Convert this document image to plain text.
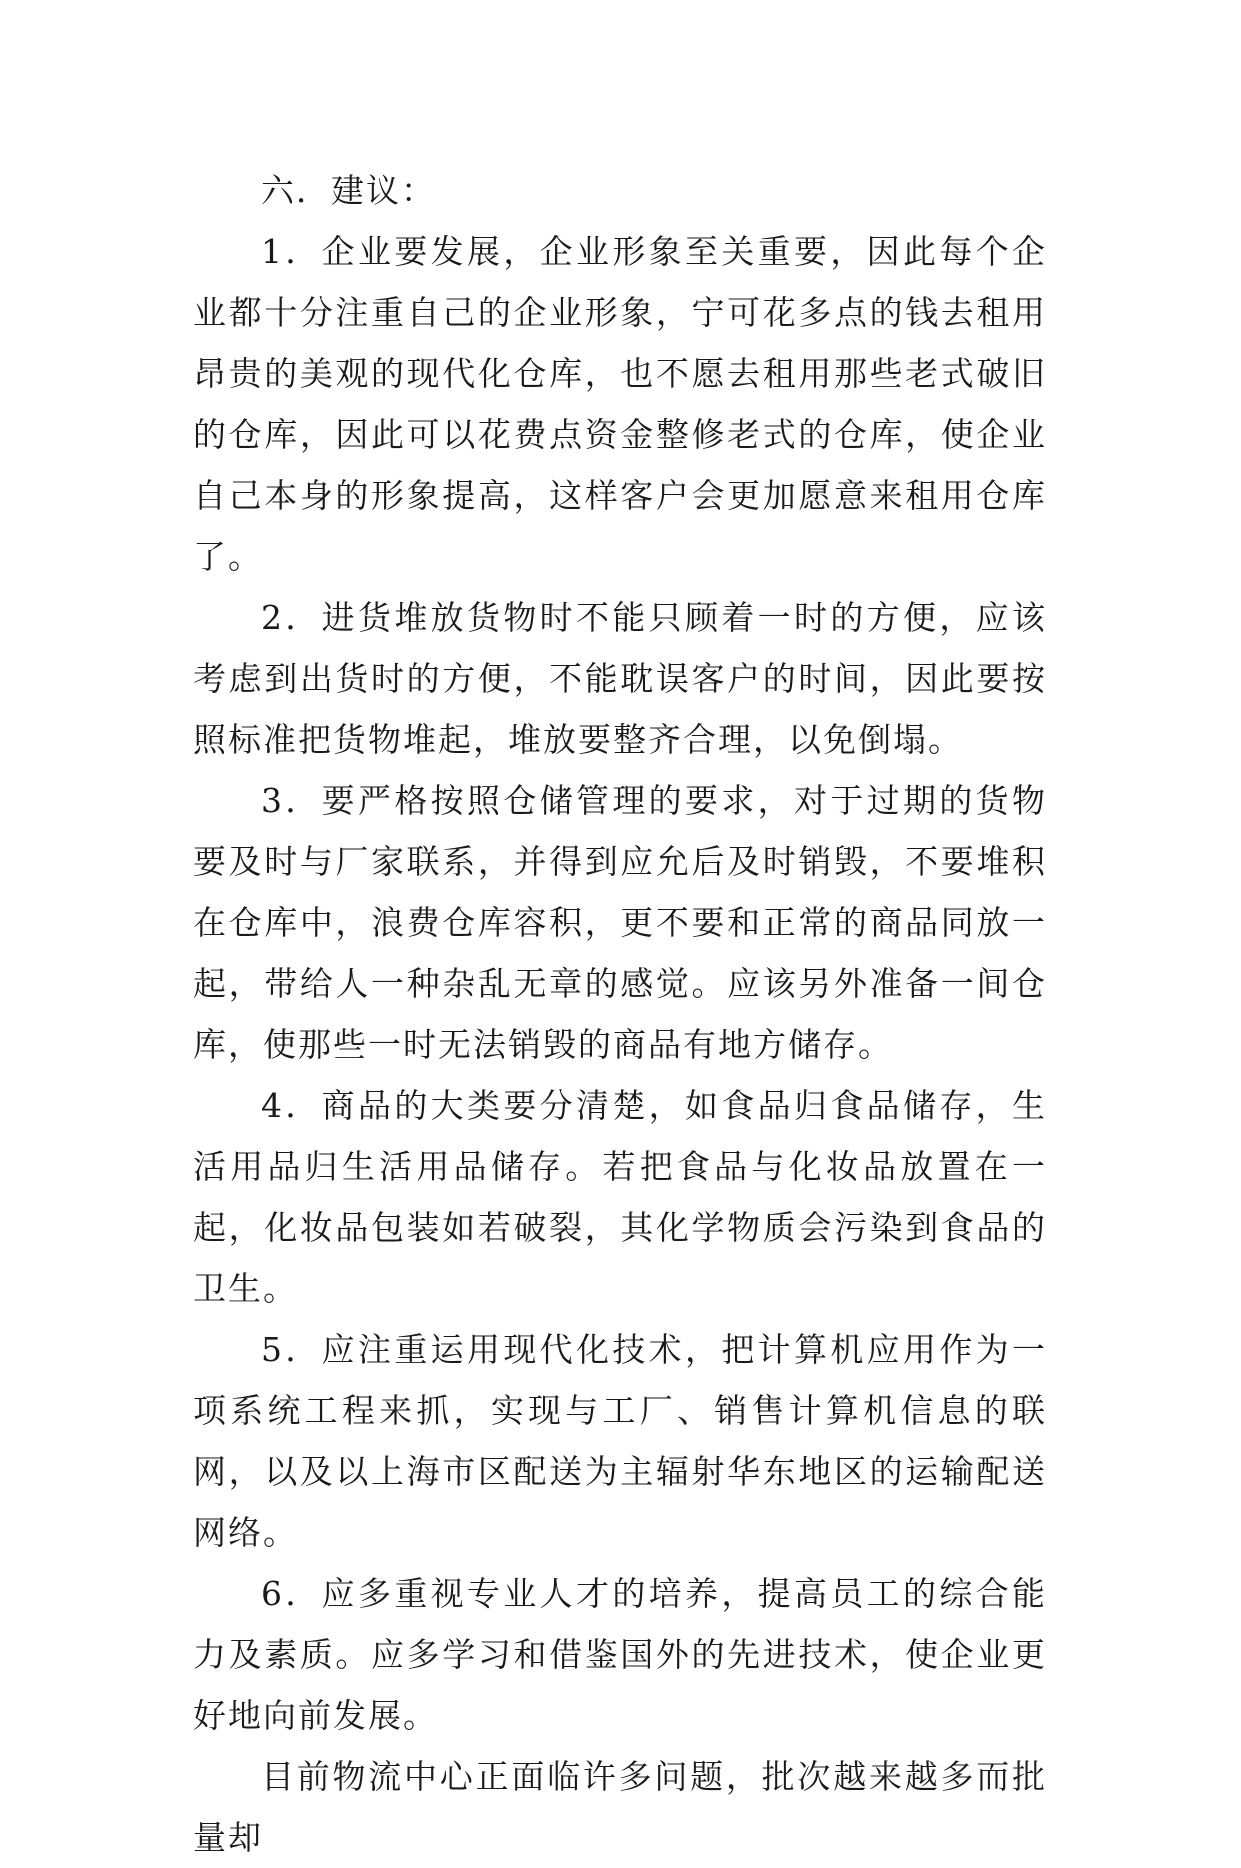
六．建议：

1．企业要发展，企业形象至关重要，因此每个企业都十分注重自己的企业形象，宁可花多点的钱去租用昂贵的美观的现代化仓库，也不愿去租用那些老式破旧的仓库，因此可以花费点资金整修老式的仓库，使企业自己本身的形象提高，这样客户会更加愿意来租用仓库了。

2．进货堆放货物时不能只顾着一时的方便，应该考虑到出货时的方便，不能耽误客户的时间，因此要按照标准把货物堆起，堆放要整齐合理，以免倒塌。

3．要严格按照仓储管理的要求，对于过期的货物要及时与厂家联系，并得到应允后及时销毁，不要堆积在仓库中，浪费仓库容积，更不要和正常的商品同放一起，带给人一种杂乱无章的感觉。应该另外准备一间仓库，使那些一时无法销毁的商品有地方储存。

4．商品的大类要分清楚，如食品归食品储存，生活用品归生活用品储存。若把食品与化妆品放置在一起，化妆品包装如若破裂，其化学物质会污染到食品的卫生。

5．应注重运用现代化技术，把计算机应用作为一项系统工程来抓，实现与工厂、销售计算机信息的联网，以及以上海市区配送为主辐射华东地区的运输配送网络。

6．应多重视专业人才的培养，提高员工的综合能力及素质。应多学习和借鉴国外的先进技术，使企业更好地向前发展。

目前物流中心正面临许多问题，批次越来越多而批量却
